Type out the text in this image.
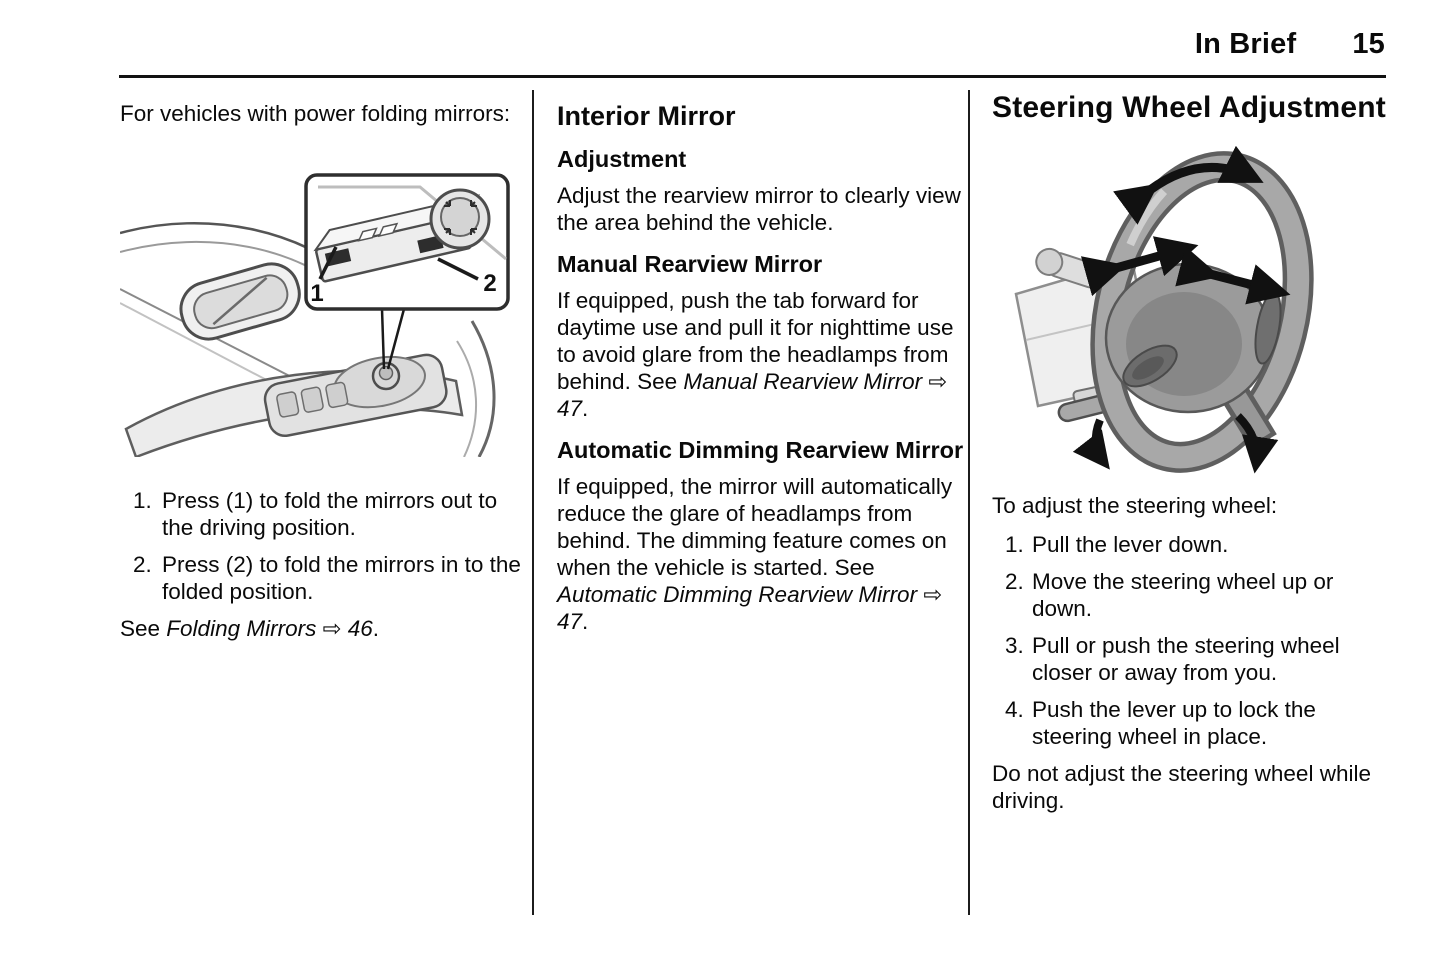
In Brief 15

For vehicles with power folding mirrors:

1	2
1. Press (1) to fold the mirrors out to the driving position.
2. Press (2) to fold the mirrors in to the folded position.

See Folding Mirrors ⇨ 46.

Interior Mirror
Adjustment

Adjust the rearview mirror to clearly view the area behind the vehicle.

Manual Rearview Mirror

If equipped, push the tab forward for daytime use and pull it for nighttime use to avoid glare from the headlamps from behind. See Manual Rearview Mirror ⇨ 47.

Automatic Dimming Rearview Mirror

If equipped, the mirror will automatically reduce the glare of headlamps from behind. The dimming feature comes on when the vehicle is started. See Automatic Dimming Rearview Mirror ⇨ 47.

Steering Wheel Adjustment

To adjust the steering wheel:

1. Pull the lever down.
2. Move the steering wheel up or down.
3. Pull or push the steering wheel closer or away from you.
4. Push the lever up to lock the steering wheel in place.

Do not adjust the steering wheel while driving.
